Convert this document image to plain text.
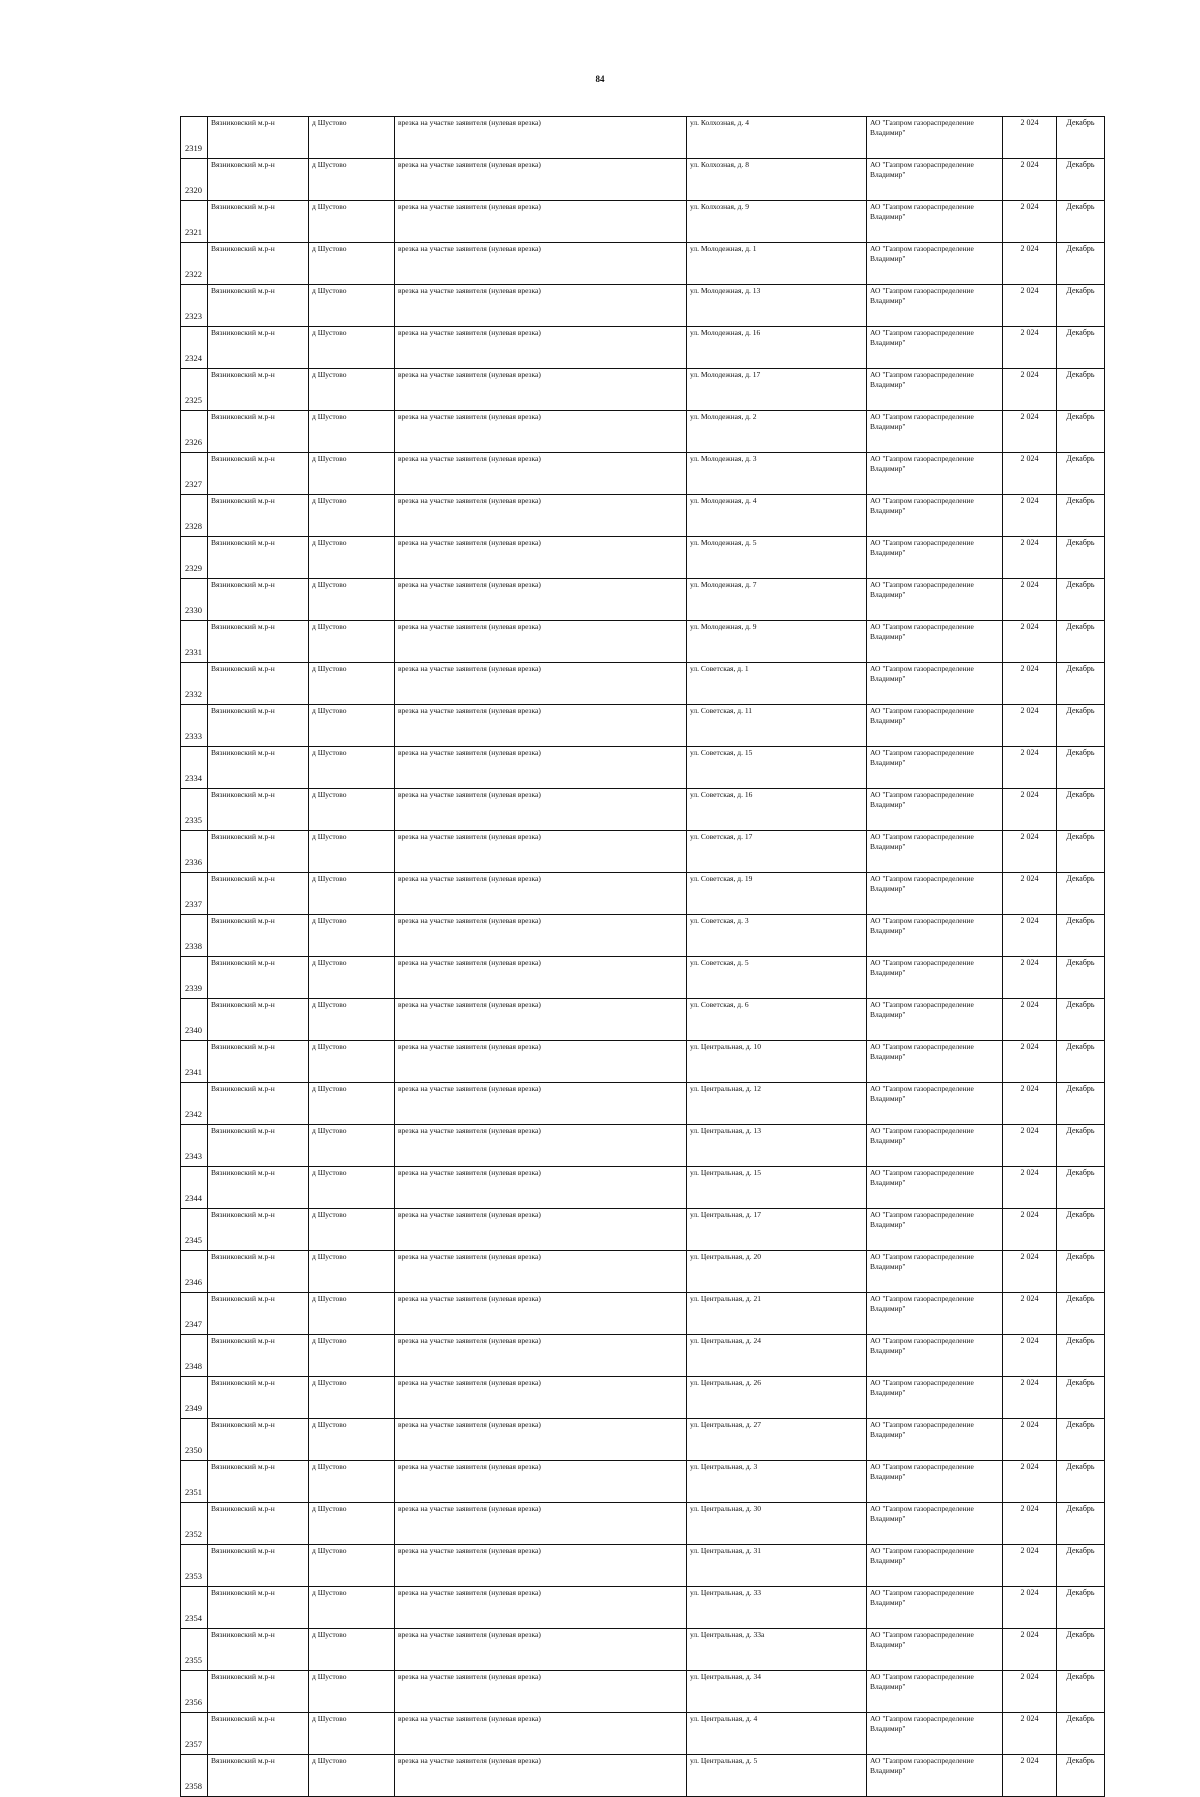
84
2319	Вязниковский м.р-н	д Шустово	врезка на участке заявителя (нулевая врезка)	ул. Колхозная, д. 4	АО "Газпром газораспределение Владимир"	2 024	Декабрь
2320	Вязниковский м.р-н	д Шустово	врезка на участке заявителя (нулевая врезка)	ул. Колхозная, д. 8	АО "Газпром газораспределение Владимир"	2 024	Декабрь
2321	Вязниковский м.р-н	д Шустово	врезка на участке заявителя (нулевая врезка)	ул. Колхозная, д. 9	АО "Газпром газораспределение Владимир"	2 024	Декабрь
2322	Вязниковский м.р-н	д Шустово	врезка на участке заявителя (нулевая врезка)	ул. Молодежная, д. 1	АО "Газпром газораспределение Владимир"	2 024	Декабрь
2323	Вязниковский м.р-н	д Шустово	врезка на участке заявителя (нулевая врезка)	ул. Молодежная, д. 13	АО "Газпром газораспределение Владимир"	2 024	Декабрь
2324	Вязниковский м.р-н	д Шустово	врезка на участке заявителя (нулевая врезка)	ул. Молодежная, д. 16	АО "Газпром газораспределение Владимир"	2 024	Декабрь
2325	Вязниковский м.р-н	д Шустово	врезка на участке заявителя (нулевая врезка)	ул. Молодежная, д. 17	АО "Газпром газораспределение Владимир"	2 024	Декабрь
2326	Вязниковский м.р-н	д Шустово	врезка на участке заявителя (нулевая врезка)	ул. Молодежная, д. 2	АО "Газпром газораспределение Владимир"	2 024	Декабрь
2327	Вязниковский м.р-н	д Шустово	врезка на участке заявителя (нулевая врезка)	ул. Молодежная, д. 3	АО "Газпром газораспределение Владимир"	2 024	Декабрь
2328	Вязниковский м.р-н	д Шустово	врезка на участке заявителя (нулевая врезка)	ул. Молодежная, д. 4	АО "Газпром газораспределение Владимир"	2 024	Декабрь
2329	Вязниковский м.р-н	д Шустово	врезка на участке заявителя (нулевая врезка)	ул. Молодежная, д. 5	АО "Газпром газораспределение Владимир"	2 024	Декабрь
2330	Вязниковский м.р-н	д Шустово	врезка на участке заявителя (нулевая врезка)	ул. Молодежная, д. 7	АО "Газпром газораспределение Владимир"	2 024	Декабрь
2331	Вязниковский м.р-н	д Шустово	врезка на участке заявителя (нулевая врезка)	ул. Молодежная, д. 9	АО "Газпром газораспределение Владимир"	2 024	Декабрь
2332	Вязниковский м.р-н	д Шустово	врезка на участке заявителя (нулевая врезка)	ул. Советская, д. 1	АО "Газпром газораспределение Владимир"	2 024	Декабрь
2333	Вязниковский м.р-н	д Шустово	врезка на участке заявителя (нулевая врезка)	ул. Советская, д. 11	АО "Газпром газораспределение Владимир"	2 024	Декабрь
2334	Вязниковский м.р-н	д Шустово	врезка на участке заявителя (нулевая врезка)	ул. Советская, д. 15	АО "Газпром газораспределение Владимир"	2 024	Декабрь
2335	Вязниковский м.р-н	д Шустово	врезка на участке заявителя (нулевая врезка)	ул. Советская, д. 16	АО "Газпром газораспределение Владимир"	2 024	Декабрь
2336	Вязниковский м.р-н	д Шустово	врезка на участке заявителя (нулевая врезка)	ул. Советская, д. 17	АО "Газпром газораспределение Владимир"	2 024	Декабрь
2337	Вязниковский м.р-н	д Шустово	врезка на участке заявителя (нулевая врезка)	ул. Советская, д. 19	АО "Газпром газораспределение Владимир"	2 024	Декабрь
2338	Вязниковский м.р-н	д Шустово	врезка на участке заявителя (нулевая врезка)	ул. Советская, д. 3	АО "Газпром газораспределение Владимир"	2 024	Декабрь
2339	Вязниковский м.р-н	д Шустово	врезка на участке заявителя (нулевая врезка)	ул. Советская, д. 5	АО "Газпром газораспределение Владимир"	2 024	Декабрь
2340	Вязниковский м.р-н	д Шустово	врезка на участке заявителя (нулевая врезка)	ул. Советская, д. 6	АО "Газпром газораспределение Владимир"	2 024	Декабрь
2341	Вязниковский м.р-н	д Шустово	врезка на участке заявителя (нулевая врезка)	ул. Центральная, д. 10	АО "Газпром газораспределение Владимир"	2 024	Декабрь
2342	Вязниковский м.р-н	д Шустово	врезка на участке заявителя (нулевая врезка)	ул. Центральная, д. 12	АО "Газпром газораспределение Владимир"	2 024	Декабрь
2343	Вязниковский м.р-н	д Шустово	врезка на участке заявителя (нулевая врезка)	ул. Центральная, д. 13	АО "Газпром газораспределение Владимир"	2 024	Декабрь
2344	Вязниковский м.р-н	д Шустово	врезка на участке заявителя (нулевая врезка)	ул. Центральная, д. 15	АО "Газпром газораспределение Владимир"	2 024	Декабрь
2345	Вязниковский м.р-н	д Шустово	врезка на участке заявителя (нулевая врезка)	ул. Центральная, д. 17	АО "Газпром газораспределение Владимир"	2 024	Декабрь
2346	Вязниковский м.р-н	д Шустово	врезка на участке заявителя (нулевая врезка)	ул. Центральная, д. 20	АО "Газпром газораспределение Владимир"	2 024	Декабрь
2347	Вязниковский м.р-н	д Шустово	врезка на участке заявителя (нулевая врезка)	ул. Центральная, д. 21	АО "Газпром газораспределение Владимир"	2 024	Декабрь
2348	Вязниковский м.р-н	д Шустово	врезка на участке заявителя (нулевая врезка)	ул. Центральная, д. 24	АО "Газпром газораспределение Владимир"	2 024	Декабрь
2349	Вязниковский м.р-н	д Шустово	врезка на участке заявителя (нулевая врезка)	ул. Центральная, д. 26	АО "Газпром газораспределение Владимир"	2 024	Декабрь
2350	Вязниковский м.р-н	д Шустово	врезка на участке заявителя (нулевая врезка)	ул. Центральная, д. 27	АО "Газпром газораспределение Владимир"	2 024	Декабрь
2351	Вязниковский м.р-н	д Шустово	врезка на участке заявителя (нулевая врезка)	ул. Центральная, д. 3	АО "Газпром газораспределение Владимир"	2 024	Декабрь
2352	Вязниковский м.р-н	д Шустово	врезка на участке заявителя (нулевая врезка)	ул. Центральная, д. 30	АО "Газпром газораспределение Владимир"	2 024	Декабрь
2353	Вязниковский м.р-н	д Шустово	врезка на участке заявителя (нулевая врезка)	ул. Центральная, д. 31	АО "Газпром газораспределение Владимир"	2 024	Декабрь
2354	Вязниковский м.р-н	д Шустово	врезка на участке заявителя (нулевая врезка)	ул. Центральная, д. 33	АО "Газпром газораспределение Владимир"	2 024	Декабрь
2355	Вязниковский м.р-н	д Шустово	врезка на участке заявителя (нулевая врезка)	ул. Центральная, д. 33а	АО "Газпром газораспределение Владимир"	2 024	Декабрь
2356	Вязниковский м.р-н	д Шустово	врезка на участке заявителя (нулевая врезка)	ул. Центральная, д. 34	АО "Газпром газораспределение Владимир"	2 024	Декабрь
2357	Вязниковский м.р-н	д Шустово	врезка на участке заявителя (нулевая врезка)	ул. Центральная, д. 4	АО "Газпром газораспределение Владимир"	2 024	Декабрь
2358	Вязниковский м.р-н	д Шустово	врезка на участке заявителя (нулевая врезка)	ул. Центральная, д. 5	АО "Газпром газораспределение Владимир"	2 024	Декабрь
